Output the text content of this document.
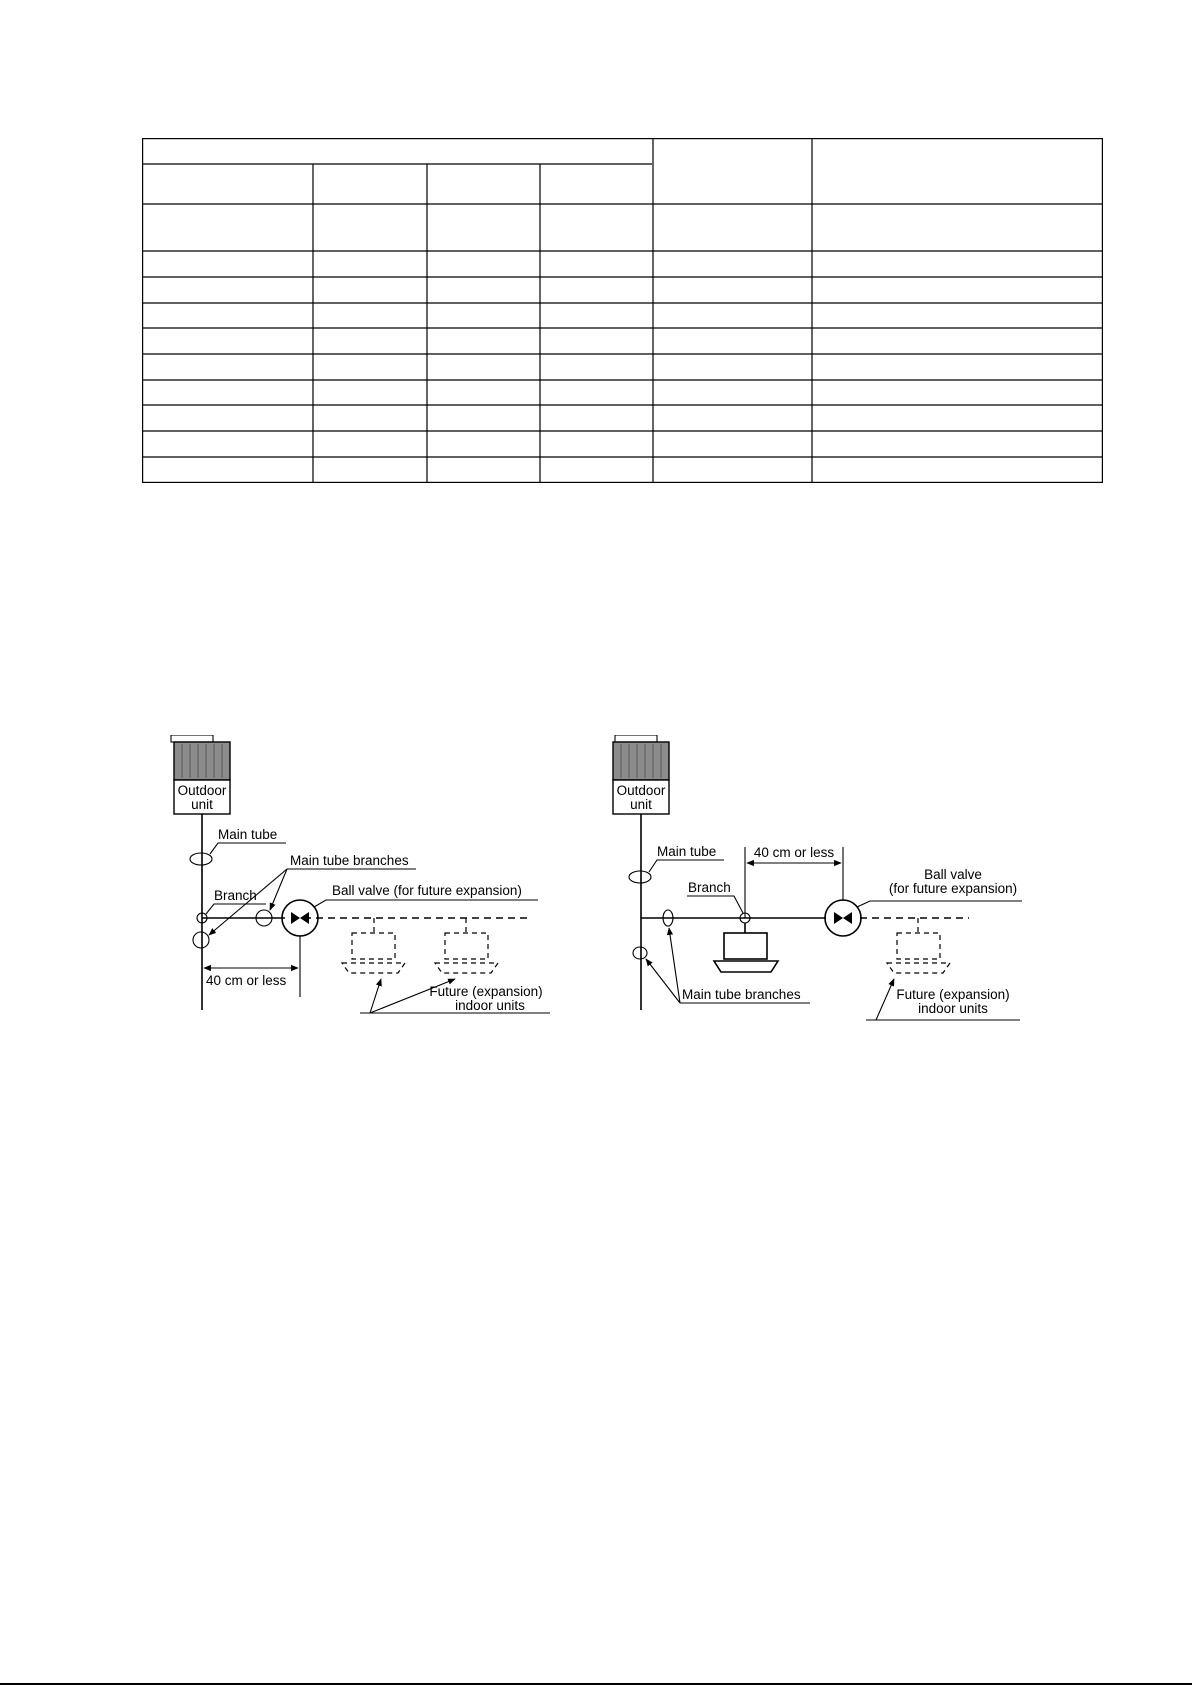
Outdoor
unit
Main tube
Branch
Main tube branches
Ball valve (for future expansion)
40 cm or less
Future (expansion)
indoor units
Outdoor
unit
Main tube	40 cm or less
Branch
Ball valve
(for future expansion)
Main tube branches	Future (expansion)
indoor units
